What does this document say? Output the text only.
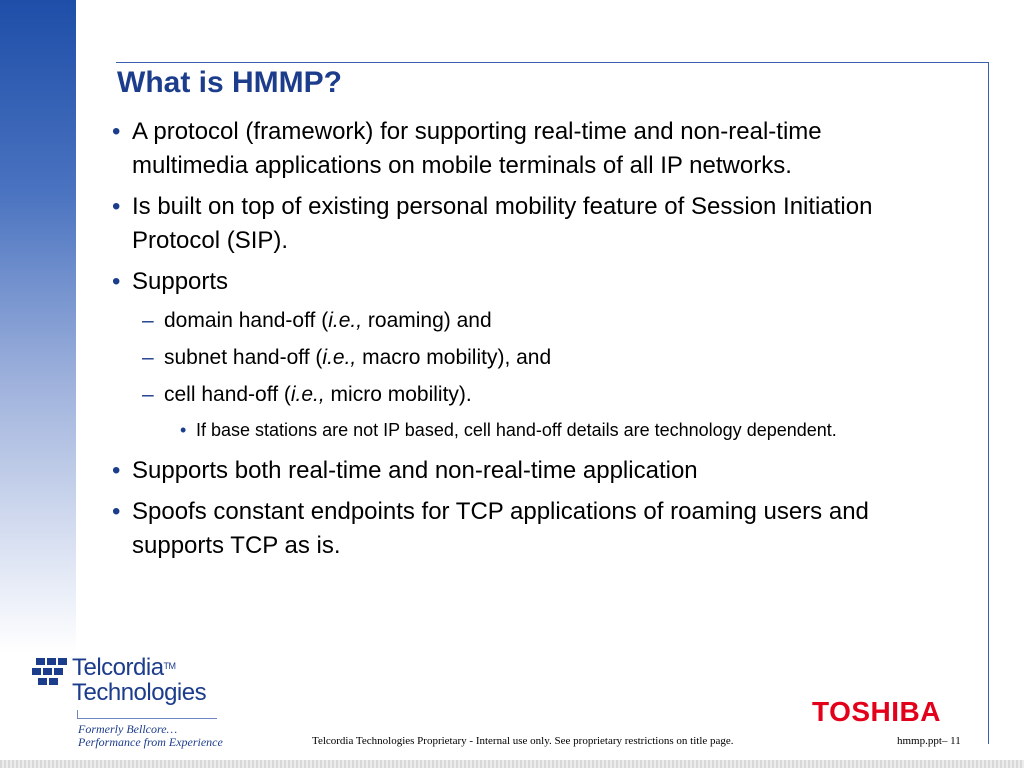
What is HMMP?
• A protocol (framework) for supporting real-time and non-real-time multimedia applications on mobile terminals of all IP networks.
• Is built on top of existing personal mobility feature of Session Initiation Protocol (SIP).
• Supports
– domain hand-off (i.e., roaming) and
– subnet hand-off (i.e., macro mobility), and
– cell hand-off (i.e., micro mobility).
• If base stations are not IP based, cell hand-off details are technology dependent.
• Supports both real-time and non-real-time application
• Spoofs constant endpoints for TCP applications of roaming users and supports TCP as is.
Telcordia™
Technologies
Formerly Bellcore…
Performance from Experience
TOSHIBA
Telcordia Technologies Proprietary - Internal use only. See proprietary restrictions on title page.	hmmp.ppt– 11
